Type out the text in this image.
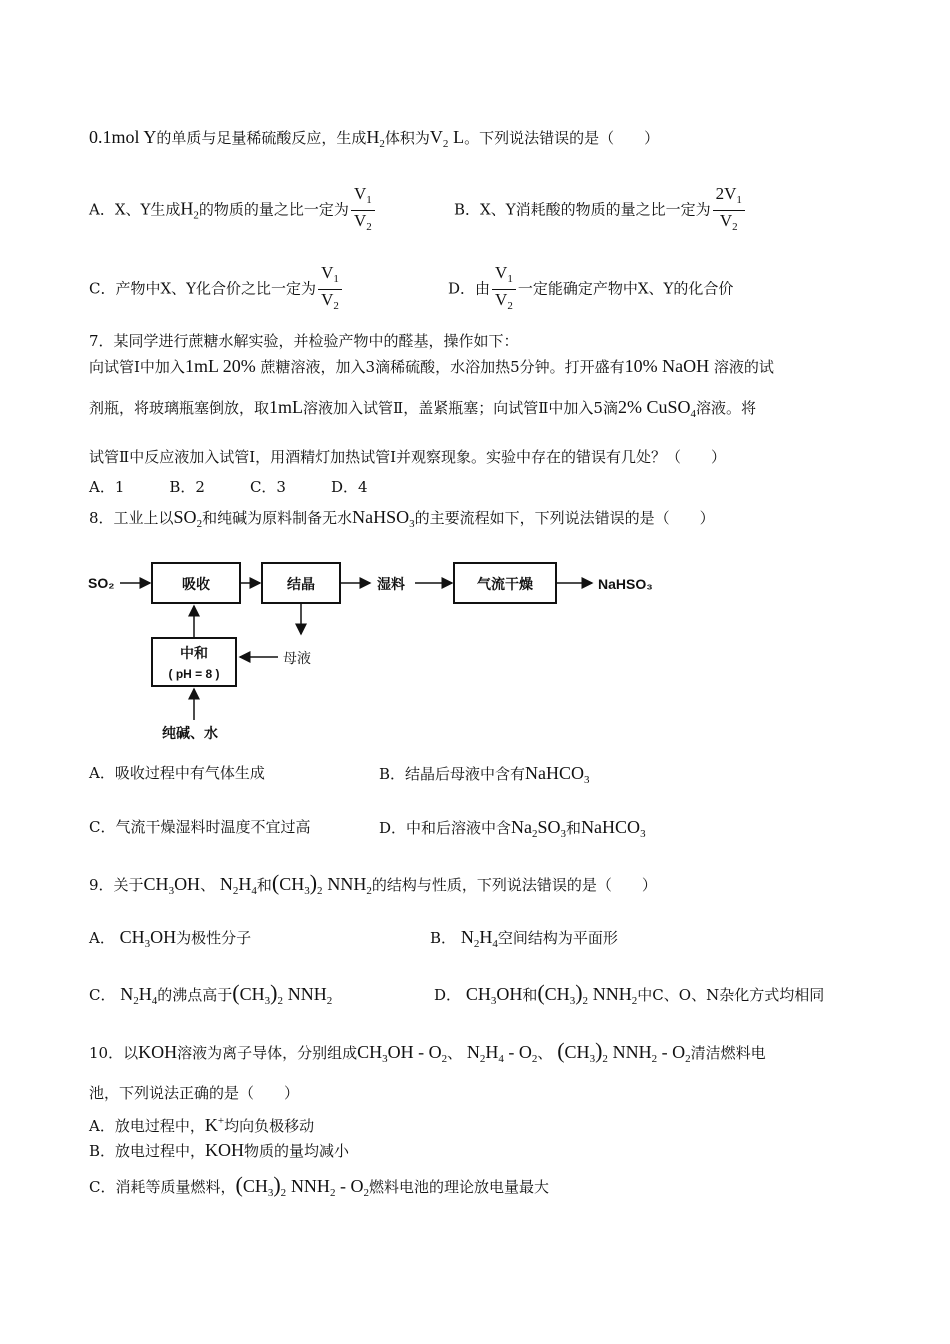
0.1mol Y的单质与足量稀硫酸反应，生成$H_2$体积为$V_2$ L。下列说法错误的是（　　）
A．X、Y生成$H_2$的物质的量之比一定为 $\frac{V_1}{V_2}$	B．X、Y消耗酸的物质的量之比一定为 $\frac{2V_1}{V_2}$
C．产物中X、Y化合价之比一定为 $\frac{V_1}{V_2}$	D．由 $\frac{V_1}{V_2}$ 一定能确定产物中X、Y的化合价
7．某同学进行蔗糖水解实验，并检验产物中的醛基，操作如下：
向试管Ⅰ中加入1mL 20% 蔗糖溶液，加入3滴稀硫酸，水浴加热5分钟。打开盛有10% NaOH 溶液的试
剂瓶，将玻璃瓶塞倒放，取1mL溶液加入试管Ⅱ，盖紧瓶塞；向试管Ⅱ中加入5滴2% CuSO$_4$溶液。将
试管Ⅱ中反应液加入试管Ⅰ，用酒精灯加热试管Ⅰ并观察现象。实验中存在的错误有几处？（　　）
A．1　　　B．2　　　C．3　　　D．4
8．工业上以$SO_2$和纯碱为原料制备无水NaHSO$_3$的主要流程如下，下列说法错误的是（　　）
SO₂	吸收	结晶	湿料	气流干燥	NaHSO₃
中和
( pH = 8 )
母液
纯碱、水
A．吸收过程中有气体生成	B．结晶后母液中含有NaHCO$_3$
C．气流干燥湿料时温度不宜过高	D．中和后溶液中含$Na_2SO_3$和NaHCO$_3$
9．关于$CH_3OH$、 $N_2H_4$和$(CH_3)_2$ $NNH_2$的结构与性质，下列说法错误的是（　　）
A． $CH_3OH$为极性分子	B． $N_2H_4$空间结构为平面形
C． $N_2H_4$的沸点高于$(CH_3)_2$ $NNH_2$	D． $CH_3OH$和$(CH_3)_2$ $NNH_2$中C、O、N杂化方式均相同
10．以KOH溶液为离子导体，分别组成$CH_3OH - O_2$、 $N_2H_4 - O_2$、 $(CH_3)_2$ $NNH_2 - O_2$清洁燃料电
池，下列说法正确的是（　　）
A．放电过程中，K+均向负极移动
B．放电过程中，KOH物质的量均减小
C．消耗等质量燃料，$(CH_3)_2$ $NNH_2 - O_2$燃料电池的理论放电量最大
